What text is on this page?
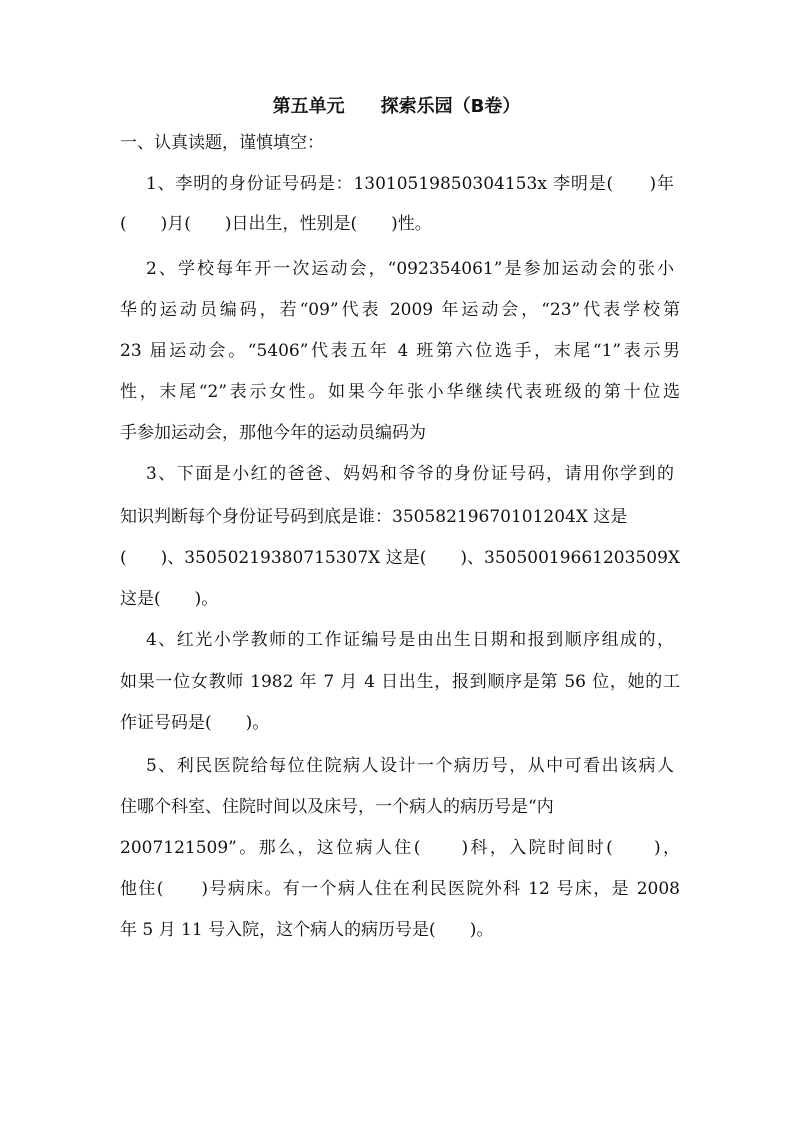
第五单元　　探索乐园（B卷）
一、认真读题，谨慎填空：
1、李明的身份证号码是：13010519850304153x 李明是(　　)年
(　　)月(　　)日出生，性别是(　　)性。
2、学校每年开一次运动会，“092354061”是参加运动会的张小
华的运动员编码，若“09”代表 2009 年运动会，“23”代表学校第
23 届运动会。“5406”代表五年 4 班第六位选手，末尾“1”表示男
性，末尾“2”表示女性。如果今年张小华继续代表班级的第十位选
手参加运动会，那他今年的运动员编码为
3、下面是小红的爸爸、妈妈和爷爷的身份证号码，请用你学到的
知识判断每个身份证号码到底是谁：35058219670101204X 这是
(　　)、35050219380715307X 这是(　　)、35050019661203509X
这是(　　)。
4、红光小学教师的工作证编号是由出生日期和报到顺序组成的，
如果一位女教师 1982 年 7 月 4 日出生，报到顺序是第 56 位，她的工
作证号码是(　　)。
5、利民医院给每位住院病人设计一个病历号，从中可看出该病人
住哪个科室、住院时间以及床号，一个病人的病历号是“内
2007121509”。那么，这位病人住(　　)科，入院时间时(　　)，
他住(　　)号病床。有一个病人住在利民医院外科 12 号床，是 2008
年 5 月 11 号入院，这个病人的病历号是(　　)。
